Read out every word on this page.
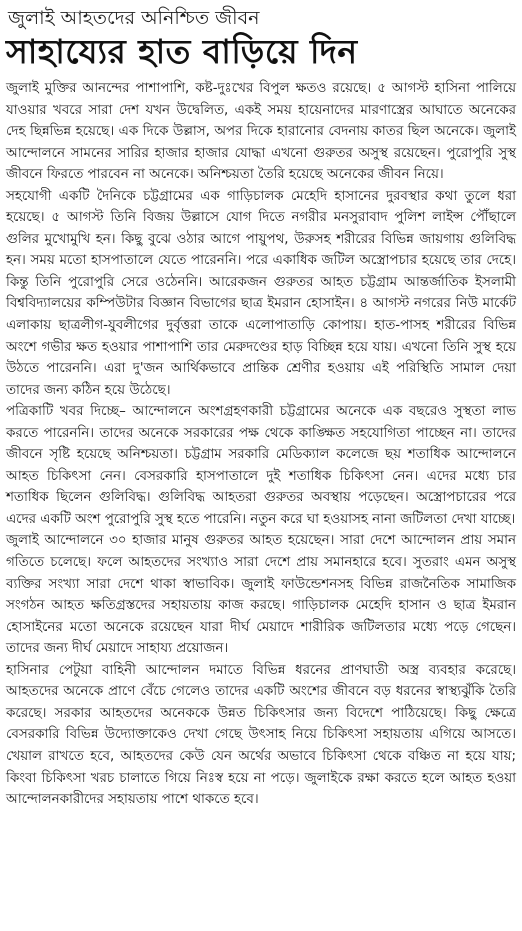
জুলাই আহতদের অনিশ্চিত জীবন
সাহায্যের হাত বাড়িয়ে দিন

জুলাই মুক্তির আনন্দের পাশাপাশি, কষ্ট-দুঃখের বিপুল ক্ষতও রয়েছে। ৫ আগস্ট হাসিনা পালিয়ে যাওয়ার খবরে সারা দেশ যখন উদ্বেলিত, একই সময় হায়েনাদের মারণাস্ত্রের আঘাতে অনেকের দেহ ছিন্নভিন্ন হয়েছে। এক দিকে উল্লাস, অপর দিকে হারানোর বেদনায় কাতর ছিল অনেকে। জুলাই আন্দোলনে সামনের সারির হাজার হাজার যোদ্ধা এখনো গুরুতর অসুস্থ রয়েছেন। পুরোপুরি সুস্থ জীবনে ফিরতে পারবেন না অনেকে। অনিশ্চয়তা তৈরি হয়েছে অনেকের জীবন নিয়ে।

সহযোগী একটি দৈনিকে চট্টগ্রামের এক গাড়িচালক মেহেদি হাসানের দুরবস্থার কথা তুলে ধরা হয়েছে। ৫ আগস্ট তিনি বিজয় উল্লাসে যোগ দিতে নগরীর মনসুরাবাদ পুলিশ লাইন্স পৌঁছালে গুলির মুখোমুখি হন। কিছু বুঝে ওঠার আগে পায়ুপথ, উরুসহ শরীরের বিভিন্ন জায়গায় গুলিবিদ্ধ হন। সময় মতো হাসপাতালে যেতে পারেননি। পরে একাধিক জটিল অস্ত্রোপচার হয়েছে তার দেহে। কিন্তু তিনি পুরোপুরি সেরে ওঠেননি। আরেকজন গুরুতর আহত চট্টগ্রাম আন্তর্জাতিক ইসলামী বিশ্ববিদ্যালয়ের কম্পিউটার বিজ্ঞান বিভাগের ছাত্র ইমরান হোসাইন। ৪ আগস্ট নগরের নিউ মার্কেট এলাকায় ছাত্রলীগ-যুবলীগের দুর্বৃত্তরা তাকে এলোপাতাড়ি কোপায়। হাত-পাসহ শরীরের বিভিন্ন অংশে গভীর ক্ষত হওয়ার পাশাপাশি তার মেরুদণ্ডের হাড় বিচ্ছিন্ন হয়ে যায়। এখনো তিনি সুস্থ হয়ে উঠতে পারেননি। এরা দু'জন আর্থিকভাবে প্রান্তিক শ্রেণীর হওয়ায় এই পরিস্থিতি সামাল দেয়া তাদের জন্য কঠিন হয়ে উঠেছে।

পত্রিকাটি খবর দিচ্ছে– আন্দোলনে অংশগ্রহণকারী চট্টগ্রামের অনেকে এক বছরেও সুস্থতা লাভ করতে পারেননি। তাদের অনেকে সরকারের পক্ষ থেকে কাঙ্ক্ষিত সহযোগিতা পাচ্ছেন না। তাদের জীবনে সৃষ্টি হয়েছে অনিশ্চয়তা। চট্টগ্রাম সরকারি মেডিক্যাল কলেজে ছয় শতাধিক আন্দোলনে আহত চিকিৎসা নেন। বেসরকারি হাসপাতালে দুই শতাধিক চিকিৎসা নেন। এদের মধ্যে চার শতাধিক ছিলেন গুলিবিদ্ধ। গুলিবিদ্ধ আহতরা গুরুতর অবস্থায় পড়েছেন। অস্ত্রোপচারের পরে এদের একটি অংশ পুরোপুরি সুস্থ হতে পারেনি। নতুন করে ঘা হওয়াসহ নানা জটিলতা দেখা যাচ্ছে।

জুলাই আন্দোলনে ৩০ হাজার মানুষ গুরুতর আহত হয়েছেন। সারা দেশে আন্দোলন প্রায় সমান গতিতে চলেছে। ফলে আহতদের সংখ্যাও সারা দেশে প্রায় সমানহারে হবে। সুতরাং এমন অসুস্থ ব্যক্তির সংখ্যা সারা দেশে থাকা স্বাভাবিক। জুলাই ফাউন্ডেশনসহ বিভিন্ন রাজনৈতিক সামাজিক সংগঠন আহত ক্ষতিগ্রস্তদের সহায়তায় কাজ করছে। গাড়িচালক মেহেদি হাসান ও ছাত্র ইমরান হোসাইনের মতো অনেকে রয়েছেন যারা দীর্ঘ মেয়াদে শারীরিক জটিলতার মধ্যে পড়ে গেছেন। তাদের জন্য দীর্ঘ মেয়াদে সাহায্য প্রয়োজন।

হাসিনার পেটুয়া বাহিনী আন্দোলন দমাতে বিভিন্ন ধরনের প্রাণঘাতী অস্ত্র ব্যবহার করেছে। আহতদের অনেকে প্রাণে বেঁচে গেলেও তাদের একটি অংশের জীবনে বড় ধরনের স্বাস্থ্যঝুঁকি তৈরি করেছে। সরকার আহতদের অনেককে উন্নত চিকিৎসার জন্য বিদেশে পাঠিয়েছে। কিছু ক্ষেত্রে বেসরকারি বিভিন্ন উদ্যোক্তাকেও দেখা গেছে উৎসাহ নিয়ে চিকিৎসা সহায়তায় এগিয়ে আসতে। খেয়াল রাখতে হবে, আহতদের কেউ যেন অর্থের অভাবে চিকিৎসা থেকে বঞ্চিত না হয়ে যায়; কিংবা চিকিৎসা খরচ চালাতে গিয়ে নিঃস্ব হয়ে না পড়ে। জুলাইকে রক্ষা করতে হলে আহত হওয়া আন্দোলনকারীদের সহায়তায় পাশে থাকতে হবে।
